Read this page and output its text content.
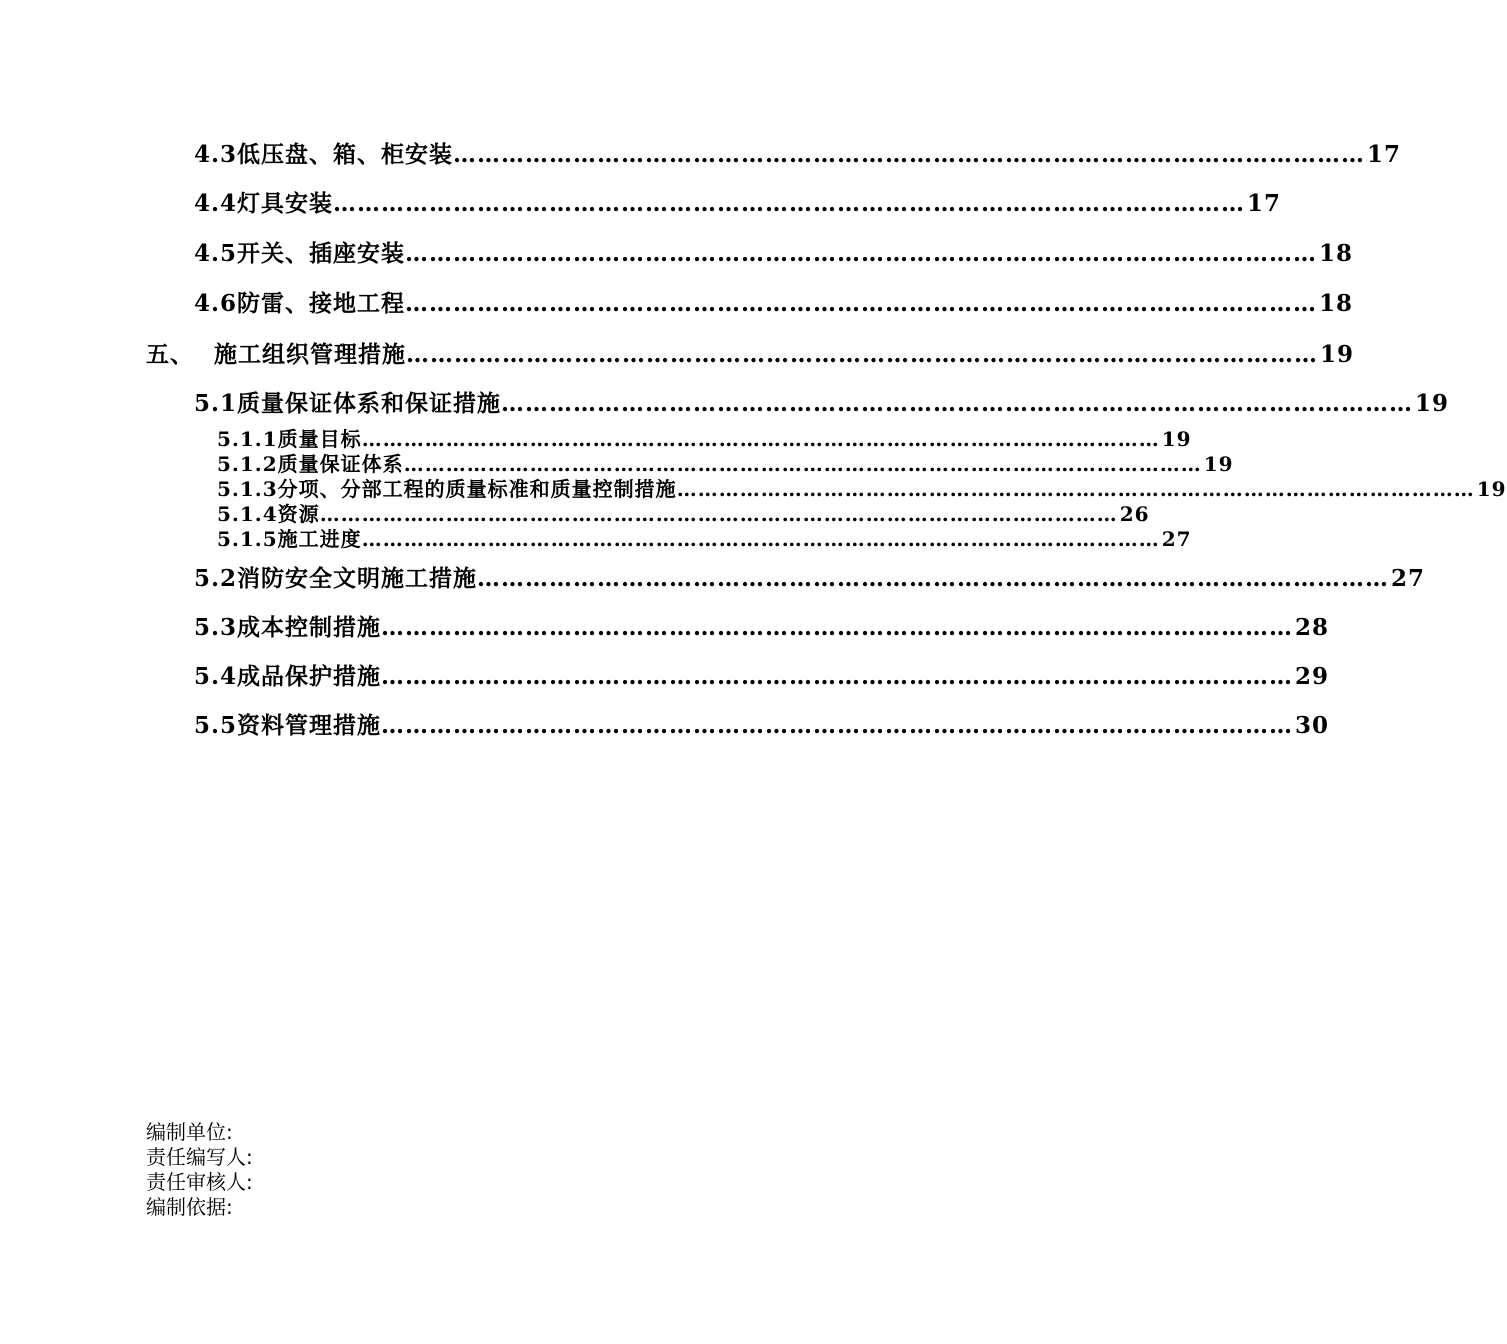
4.3低压盘、箱、柜安装 …………………………………………………………………………………………………… 17
4.4灯具安装 …………………………………………………………………………………………………… 17
4.5开关、插座安装 …………………………………………………………………………………………………… 18
4.6防雷、接地工程 …………………………………………………………………………………………………… 18
五、 施工组织管理措施 …………………………………………………………………………………………………… 19
5.1质量保证体系和保证措施 …………………………………………………………………………………………………… 19
5.1.1质量目标 …………………………………………………………………………………………………… 19
5.1.2质量保证体系 …………………………………………………………………………………………………… 19
5.1.3分项、分部工程的质量标准和质量控制措施 …………………………………………………………………………………………………… 19
5.1.4资源 …………………………………………………………………………………………………… 26
5.1.5施工进度 …………………………………………………………………………………………………… 27
5.2消防安全文明施工措施 …………………………………………………………………………………………………… 27
5.3成本控制措施 …………………………………………………………………………………………………… 28
5.4成品保护措施 …………………………………………………………………………………………………… 29
5.5资料管理措施 …………………………………………………………………………………………………… 30
编制单位:
责任编写人:
责任审核人:
编制依据:
